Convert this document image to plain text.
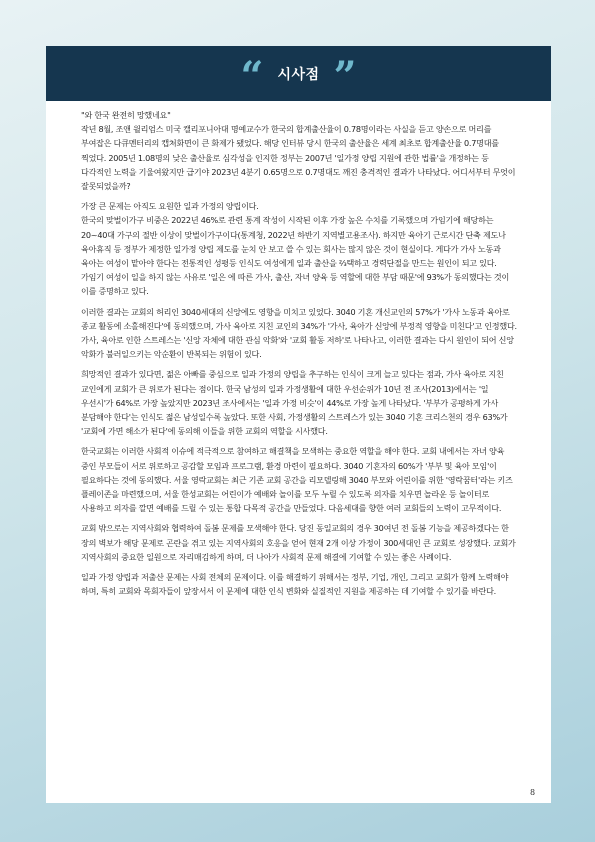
“ 시사점 ”

"와 한국 완전히 망했네요"

작년 8월, 조앤 윌리엄스 미국 캘리포니아대 명예교수가 한국의 합계출산율이 0.78명이라는 사실을 듣고 양손으로 머리를 부여잡은 다큐멘터리의 캡쳐화면이 큰 화제가 됐었다. 해당 인터뷰 당시 한국의 출산율은 세계 최초로 합계출산율 0.7명대를 찍었다. 2005년 1.08명의 낮은 출산율로 심각성을 인지한 정부는 2007년 '일가정 양립 지원에 관한 법률'을 개정하는 등 다각적인 노력을 기울여왔지만 급기야 2023년 4분기 0.65명으로 0.7명대도 깨진 충격적인 결과가 나타났다. 어디서부터 무엇이 잘못되었을까?

가장 큰 문제는 아직도 요원한 일과 가정의 양립이다.

한국의 맞벌이가구 비중은 2022년 46%로 관련 통계 작성이 시작된 이후 가장 높은 수치를 기록했으며 가임기에 해당하는 20~40대 가구의 절반 이상이 맞벌이가구이다(통계청, 2022년 하반기 지역별고용조사). 하지만 육아기 근로시간 단축 제도나 육아휴직 등 정부가 제정한 일가정 양립 제도를 눈치 안 보고 쓸 수 있는 회사는 많지 않은 것이 현실이다. 게다가 가사 노동과 육아는 여성이 맡아야 한다는 전통적인 성평등 인식도 여성에게 일과 출산을 ⅔택하고 경력단절을 만드는 원인이 되고 있다. 가임기 여성이 일을 하지 않는 사유로 '일은 에 따른 가사, 출산, 자녀 양육 등 역할에 대한 부담 때문'에 93%가 동의했다는 것이 이를 증명하고 있다.

이러한 결과는 교회의 허리인 3040세대의 신앙에도 영향을 미치고 있었다. 3040 기혼 개신교인의 57%가 '가사 노동과 육아로 종교 활동에 소홀해진다'에 동의했으며, 가사 육아로 지친 교인의 34%가 '가사, 육아가 신앙에 부정적 영향을 미친다'고 인정했다. 가사, 육아로 인한 스트레스는 '신앙 자체에 대한 관심 악화'와 '교회 활동 저하'로 나타나고, 이러한 결과는 다시 원인이 되어 신앙 악화가 불러일으키는 악순환이 반복되는 위험이 있다.

희망적인 결과가 있다면, 젊은 아빠를 중심으로 일과 가정의 양립을 추구하는 인식이 크게 늘고 있다는 점과, 가사 육아로 지친 교인에게 교회가 큰 위로가 된다는 점이다. 한국 남성의 일과 가정생활에 대한 우선순위가 10년 전 조사(2013)에서는 '일 우선시'가 64%로 가장 높았지만 2023년 조사에서는 '일과 가정 비슷'이 44%로 가장 높게 나타났다. '부부가 공평하게 가사 분담해야 한다'는 인식도 젊은 남성일수록 높았다. 또한 사회, 가정생활의 스트레스가 있는 3040 기혼 크리스천의 경우 63%가 '교회에 가면 해소가 된다'에 동의해 이들을 위한 교회의 역할을 시사했다.

한국교회는 이러한 사회적 이슈에 적극적으로 참여하고 해결책을 모색하는 중요한 역할을 해야 한다. 교회 내에서는 자녀 양육 중인 부모들이 서로 위로하고 공감할 모임과 프로그램, 환경 마련이 필요하다. 3040 기혼자의 60%가 '부부 및 육아 모임'이 필요하다는 것에 동의했다. 서울 영락교회는 최근 기존 교회 공간을 리모델링해 3040 부모와 어린이를 위한 '영락꿈터'라는 키즈 플레이존을 마련했으며, 서울 한성교회는 어린이가 예배와 놀이를 모두 누릴 수 있도록 의자를 치우면 놀라운 등 놀이터로 사용하고 의자를 깔면 예배를 드릴 수 있는 통합 다목적 공간을 만들었다. 다음세대를 향한 여러 교회들의 노력이 고무적이다.

교회 밖으로는 지역사회와 협력하여 돌봄 문제를 모색해야 한다. 당진 동일교회의 경우 30여년 전 돌봄 기능을 제공하겠다는 한 장의 벽보가 해당 문제로 곤란을 겪고 있는 지역사회의 호응을 얻어 현재 2개 이상 가정이 300세대인 큰 교회로 성장했다. 교회가 지역사회의 중요한 일원으로 자리매김하게 하며, 더 나아가 사회적 문제 해결에 기여할 수 있는 좋은 사례이다.

일과 가정 양립과 저출산 문제는 사회 전체의 문제이다. 이를 해결하기 위해서는 정부, 기업, 개인, 그리고 교회가 함께 노력해야 하며, 특히 교회와 목회자들이 앞장서서 이 문제에 대한 인식 변화와 실질적인 지원을 제공하는 데 기여할 수 있기를 바란다.

8
